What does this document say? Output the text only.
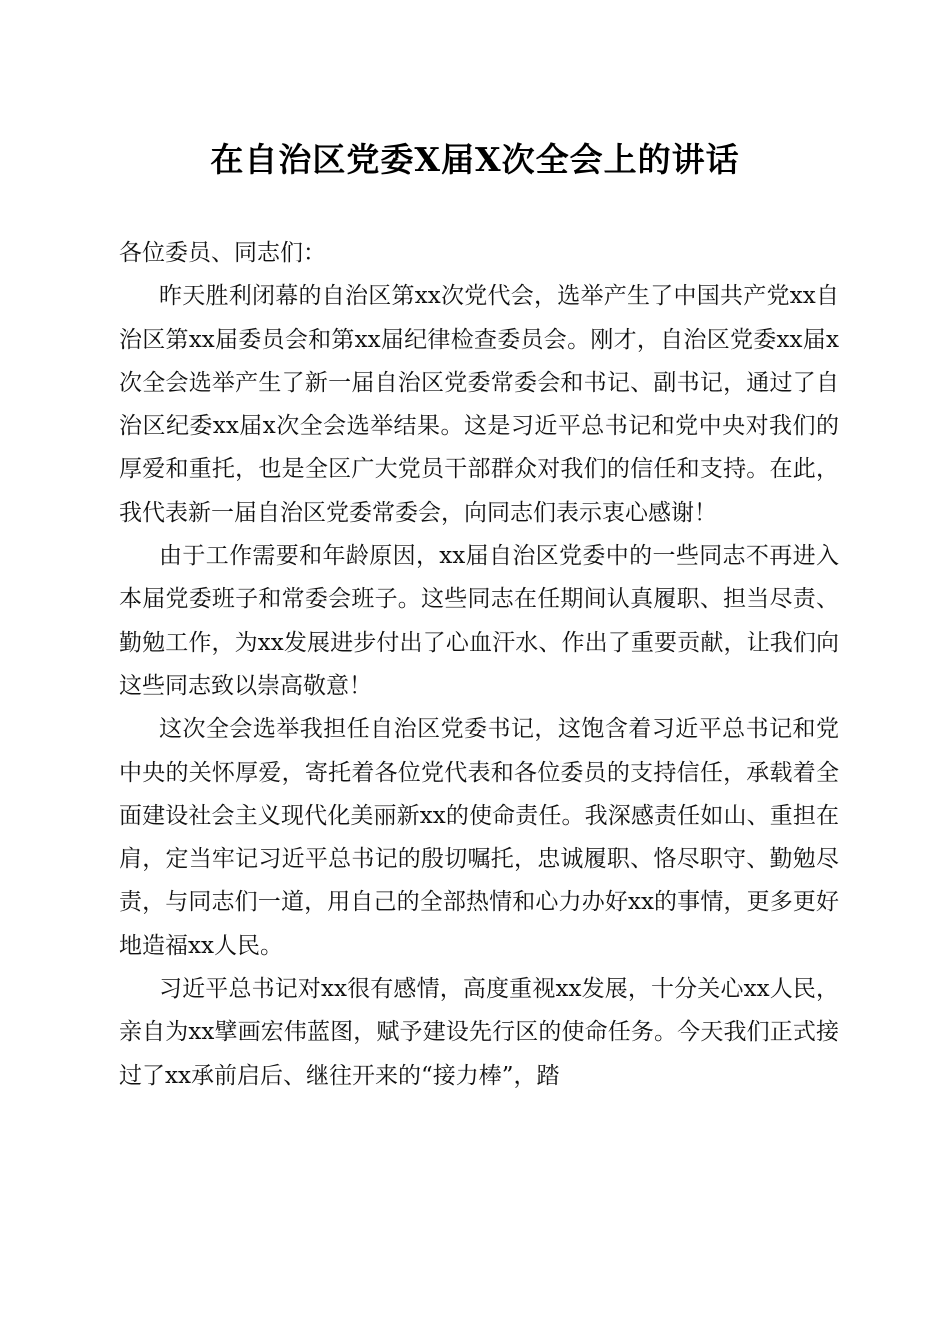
在自治区党委X届X次全会上的讲话

各位委员、同志们：

昨天胜利闭幕的自治区第xx次党代会，选举产生了中国共产党xx自治区第xx届委员会和第xx届纪律检查委员会。刚才，自治区党委xx届x次全会选举产生了新一届自治区党委常委会和书记、副书记，通过了自治区纪委xx届x次全会选举结果。这是习近平总书记和党中央对我们的厚爱和重托，也是全区广大党员干部群众对我们的信任和支持。在此，我代表新一届自治区党委常委会，向同志们表示衷心感谢！

由于工作需要和年龄原因，xx届自治区党委中的一些同志不再进入本届党委班子和常委会班子。这些同志在任期间认真履职、担当尽责、勤勉工作，为xx发展进步付出了心血汗水、作出了重要贡献，让我们向这些同志致以崇高敬意！

这次全会选举我担任自治区党委书记，这饱含着习近平总书记和党中央的关怀厚爱，寄托着各位党代表和各位委员的支持信任，承载着全面建设社会主义现代化美丽新xx的使命责任。我深感责任如山、重担在肩，定当牢记习近平总书记的殷切嘱托，忠诚履职、恪尽职守、勤勉尽责，与同志们一道，用自己的全部热情和心力办好xx的事情，更多更好地造福xx人民。

习近平总书记对xx很有感情，高度重视xx发展，十分关心xx人民，亲自为xx擘画宏伟蓝图，赋予建设先行区的使命任务。今天我们正式接过了xx承前启后、继往开来的“接力棒”，踏
